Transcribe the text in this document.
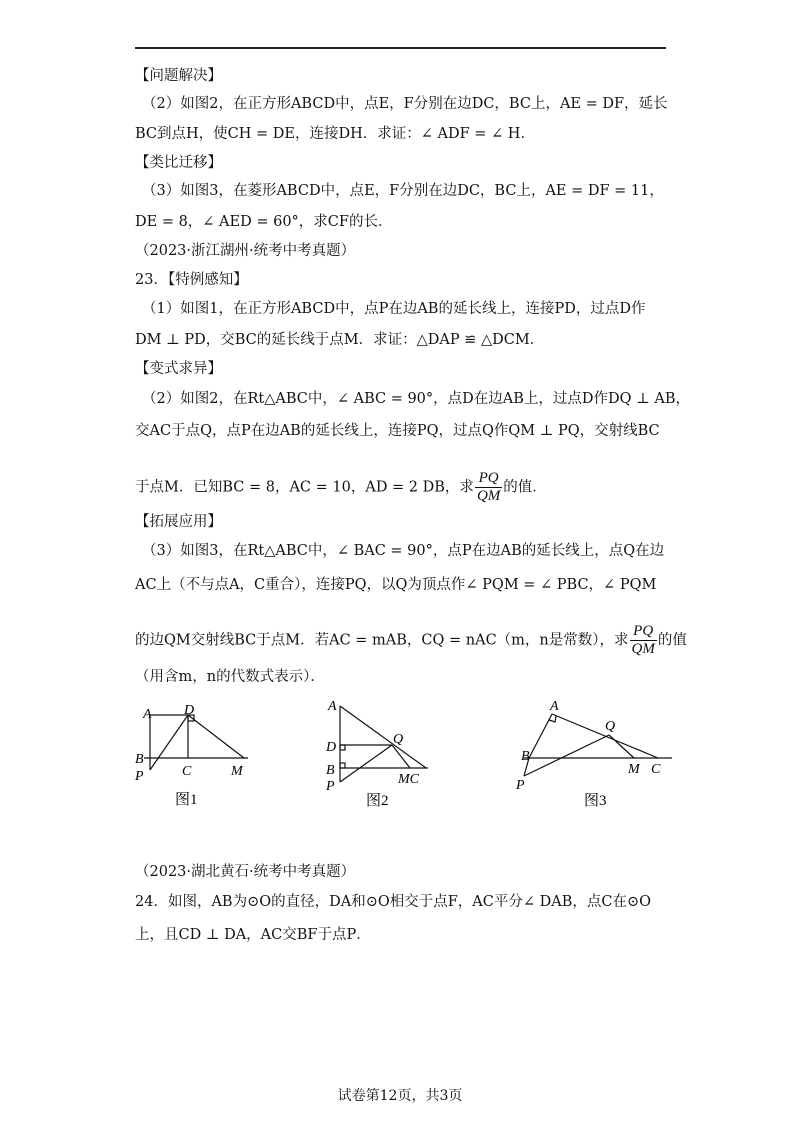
【问题解决】
（2）如图2，在正方形ABCD中，点E，F分别在边DC，BC上，AE = DF，延长
BC到点H，使CH = DE，连接DH．求证：∠ ADF = ∠ H．
【类比迁移】
（3）如图3，在菱形ABCD中，点E，F分别在边DC，BC上，AE = DF = 11，
DE = 8，∠ AED = 60°，求CF的长．
（2023·浙江湖州·统考中考真题）
23．【特例感知】
（1）如图1，在正方形ABCD中，点P在边AB的延长线上，连接PD，过点D作
DM ⊥ PD，交BC的延长线于点M．求证：△DAP ≌ △DCM．
【变式求异】
（2）如图2，在Rt△ABC中，∠ ABC = 90°，点D在边AB上，过点D作DQ ⊥ AB，
交AC于点Q，点P在边AB的延长线上，连接PQ，过点Q作QM ⊥ PQ，交射线BC
【拓展应用】
（3）如图3，在Rt△ABC中，∠ BAC = 90°，点P在边AB的延长线上，点Q在边
AC上（不与点A，C重合），连接PQ，以Q为顶点作∠ PQM = ∠ PBC，∠ PQM
（用含m，n的代数式表示）．
（2023·湖北黄石·统考中考真题）
24．如图，AB为⊙O的直径，DA和⊙O相交于点F，AC平分∠ DAB，点C在⊙O
上，且CD ⊥ DA，AC交BF于点P．
于点M．已知BC = 8，AC = 10，AD = 2 DB，求 $\frac{PQ}{QM}$ 的值．
的边QM交射线BC于点M．若AC = mAB，CQ = nAC（m，n是常数），求 $\frac{PQ}{QM}$ 的值
A D
B
P	C	M
图1
A
D
Q
B
P	MC
图2
A
Q
B
M C
P
图3
试卷第12页，共3页
